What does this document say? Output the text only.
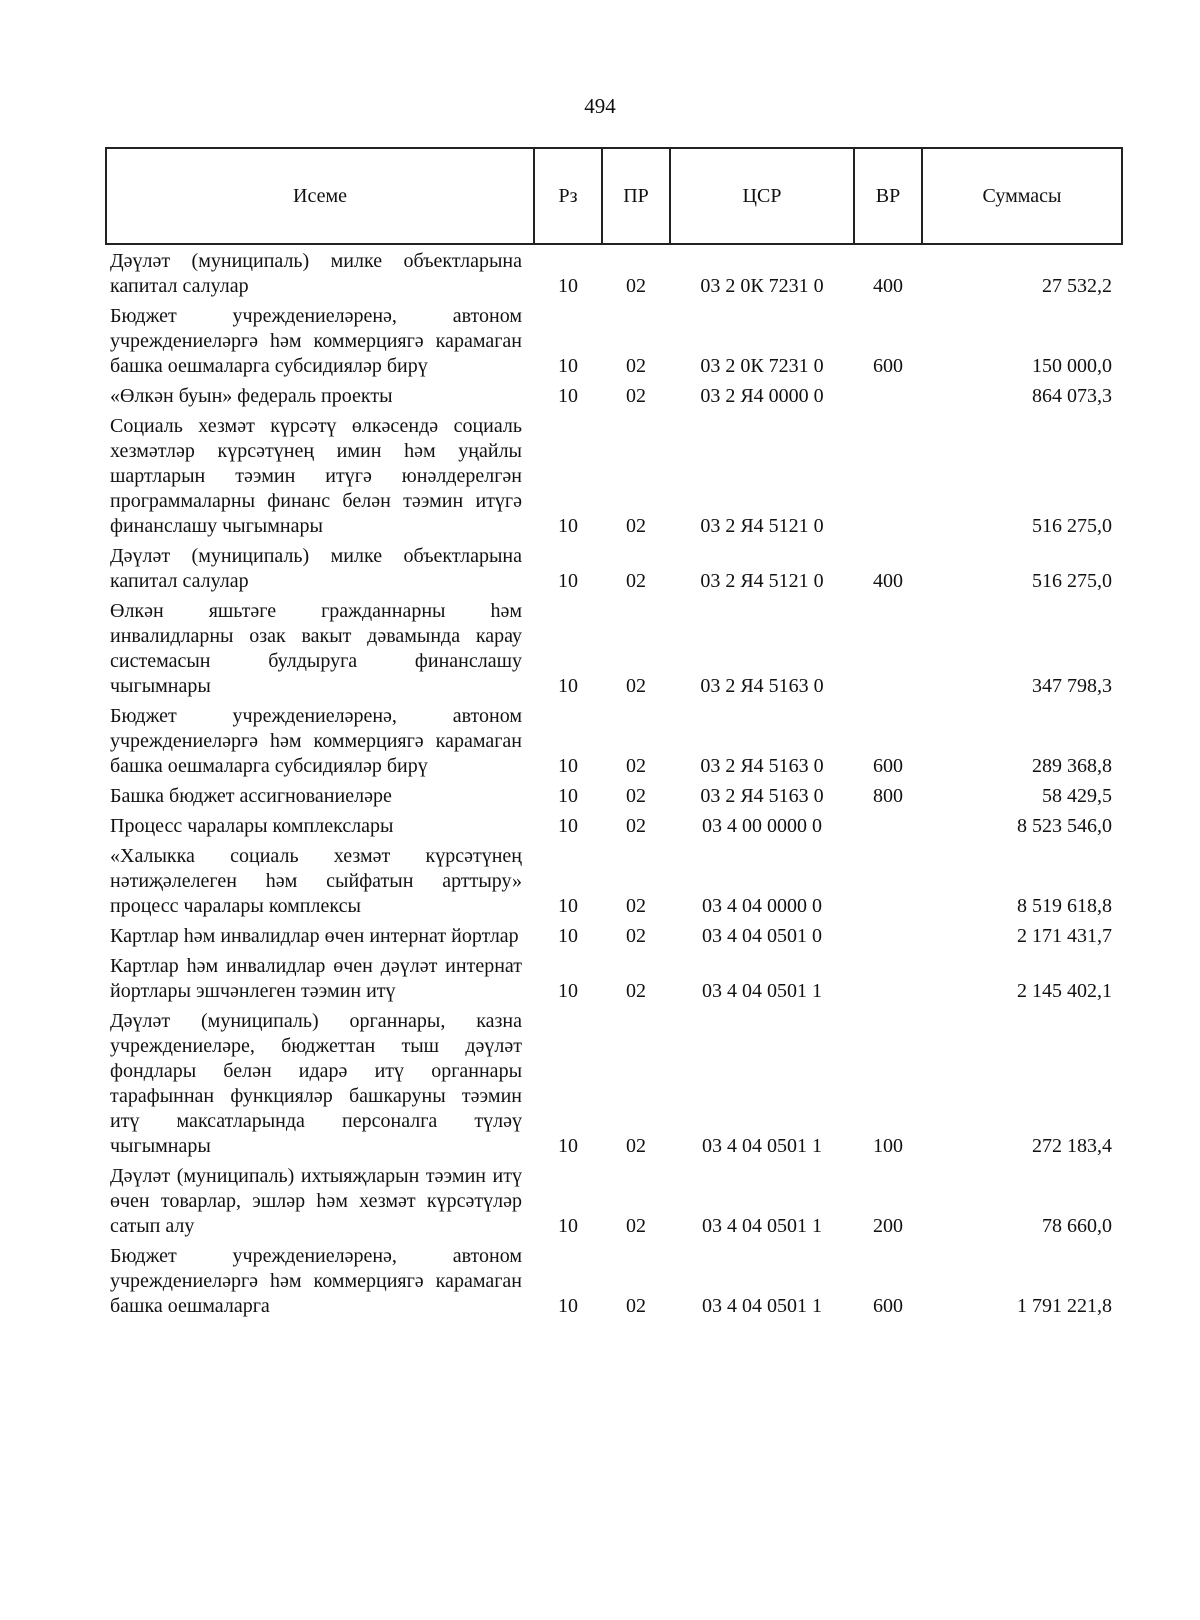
494
Исеме	Рз	ПР	ЦСР	ВР	Суммасы
Дәүләт (муниципаль) милке объектларына капитал салулар	10	02	03 2 0К 7231 0	400	27 532,2
Бюджет учреждениеләренә, автоном учреждениеләргә һәм коммерциягә карамаган башка оешмаларга субсидияләр бирү	10	02	03 2 0К 7231 0	600	150 000,0
«Өлкән буын» федераль проекты	10	02	03 2 Я4 0000 0		864 073,3
Социаль хезмәт күрсәтү өлкәсендә социаль хезмәтләр күрсәтүнең имин һәм уңайлы шартларын тәэмин итүгә юнәлдерелгән программаларны финанс белән тәэмин итүгә финанслашу чыгымнары	10	02	03 2 Я4 5121 0		516 275,0
Дәүләт (муниципаль) милке объектларына капитал салулар	10	02	03 2 Я4 5121 0	400	516 275,0
Өлкән яшьтәге гражданнарны һәм инвалидларны озак вакыт дәвамында карау системасын булдыруга финанслашу чыгымнары	10	02	03 2 Я4 5163 0		347 798,3
Бюджет учреждениеләренә, автоном учреждениеләргә һәм коммерциягә карамаган башка оешмаларга субсидияләр бирү	10	02	03 2 Я4 5163 0	600	289 368,8
Башка бюджет ассигнованиеләре	10	02	03 2 Я4 5163 0	800	58 429,5
Процесс чаралары комплекслары	10	02	03 4 00 0000 0		8 523 546,0
«Халыкка социаль хезмәт күрсәтүнең нәтиҗәлелеген һәм сыйфатын арттыру» процесс чаралары комплексы	10	02	03 4 04 0000 0		8 519 618,8
Картлар һәм инвалидлар өчен интернат йортлар	10	02	03 4 04 0501 0		2 171 431,7
Картлар һәм инвалидлар өчен дәүләт интернат йортлары эшчәнлеген тәэмин итү	10	02	03 4 04 0501 1		2 145 402,1
Дәүләт (муниципаль) органнары, казна учреждениеләре, бюджеттан тыш дәүләт фондлары белән идарә итү органнары тарафыннан функцияләр башкаруны тәэмин итү максатларында персоналга түләү чыгымнары	10	02	03 4 04 0501 1	100	272 183,4
Дәүләт (муниципаль) ихтыяҗларын тәэмин итү өчен товарлар, эшләр һәм хезмәт күрсәтүләр сатып алу	10	02	03 4 04 0501 1	200	78 660,0
Бюджет учреждениеләренә, автоном учреждениеләргә һәм коммерциягә карамаган башка оешмаларга	10	02	03 4 04 0501 1	600	1 791 221,8
